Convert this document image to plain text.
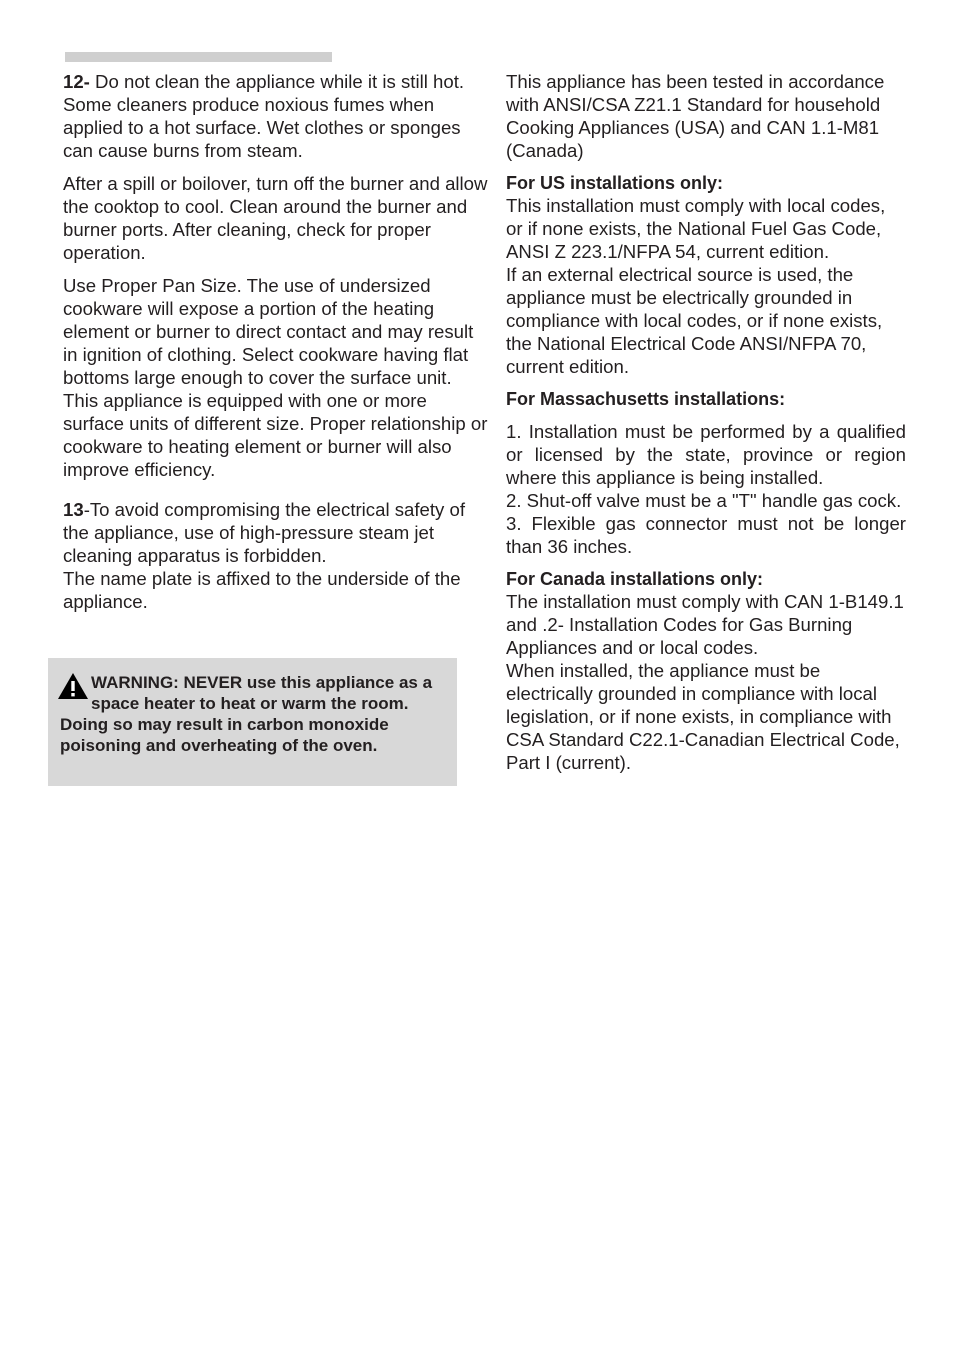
12- Do not clean the appliance while it is still hot. Some cleaners produce noxious fumes when applied to a hot surface. Wet clothes or sponges can cause burns from steam.

After a spill or boilover, turn off the burner and allow the cooktop to cool. Clean around the burner and burner ports. After cleaning, check for proper operation.

Use Proper Pan Size. The use of undersized cookware will expose a portion of the heating element or burner to direct contact and may result in ignition of clothing. Select cookware having flat bottoms large enough to cover the surface unit. This appliance is equipped with one or more surface units of different size. Proper relationship or cookware to heating element or burner will also improve efficiency.

13-To avoid compromising the electrical safety of the appliance, use of high-pressure steam jet cleaning apparatus is forbidden.

The name plate is affixed to the underside of the appliance.

WARNING: NEVER use this appliance as a space heater to heat or warm the room. Doing so may result in carbon monoxide poisoning and overheating of the oven.

This appliance has been tested in accordance with ANSI/CSA Z21.1 Standard for household Cooking Appliances (USA) and CAN 1.1-M81 (Canada)

For US installations only:

This installation must comply with local codes, or if none exists, the National Fuel Gas Code, ANSI Z 223.1/NFPA 54, current edition.

If an external electrical source is used, the appliance must be electrically grounded in compliance with local codes, or if none exists, the National Electrical Code ANSI/NFPA 70, current edition.

For Massachusetts installations:

1. Installation must be performed by a qualified or licensed by the state, province or region where this appliance is being installed.

2. Shut-off valve must be a "T" handle gas cock.

3. Flexible gas connector must not be longer than 36 inches.

For Canada installations only:

The installation must comply with CAN 1-B149.1 and .2- Installation Codes for Gas Burning Appliances and or local codes.

When installed, the appliance must be electrically grounded in compliance with local legislation, or if none exists, in compliance with CSA Standard C22.1-Canadian Electrical Code, Part I (current).
